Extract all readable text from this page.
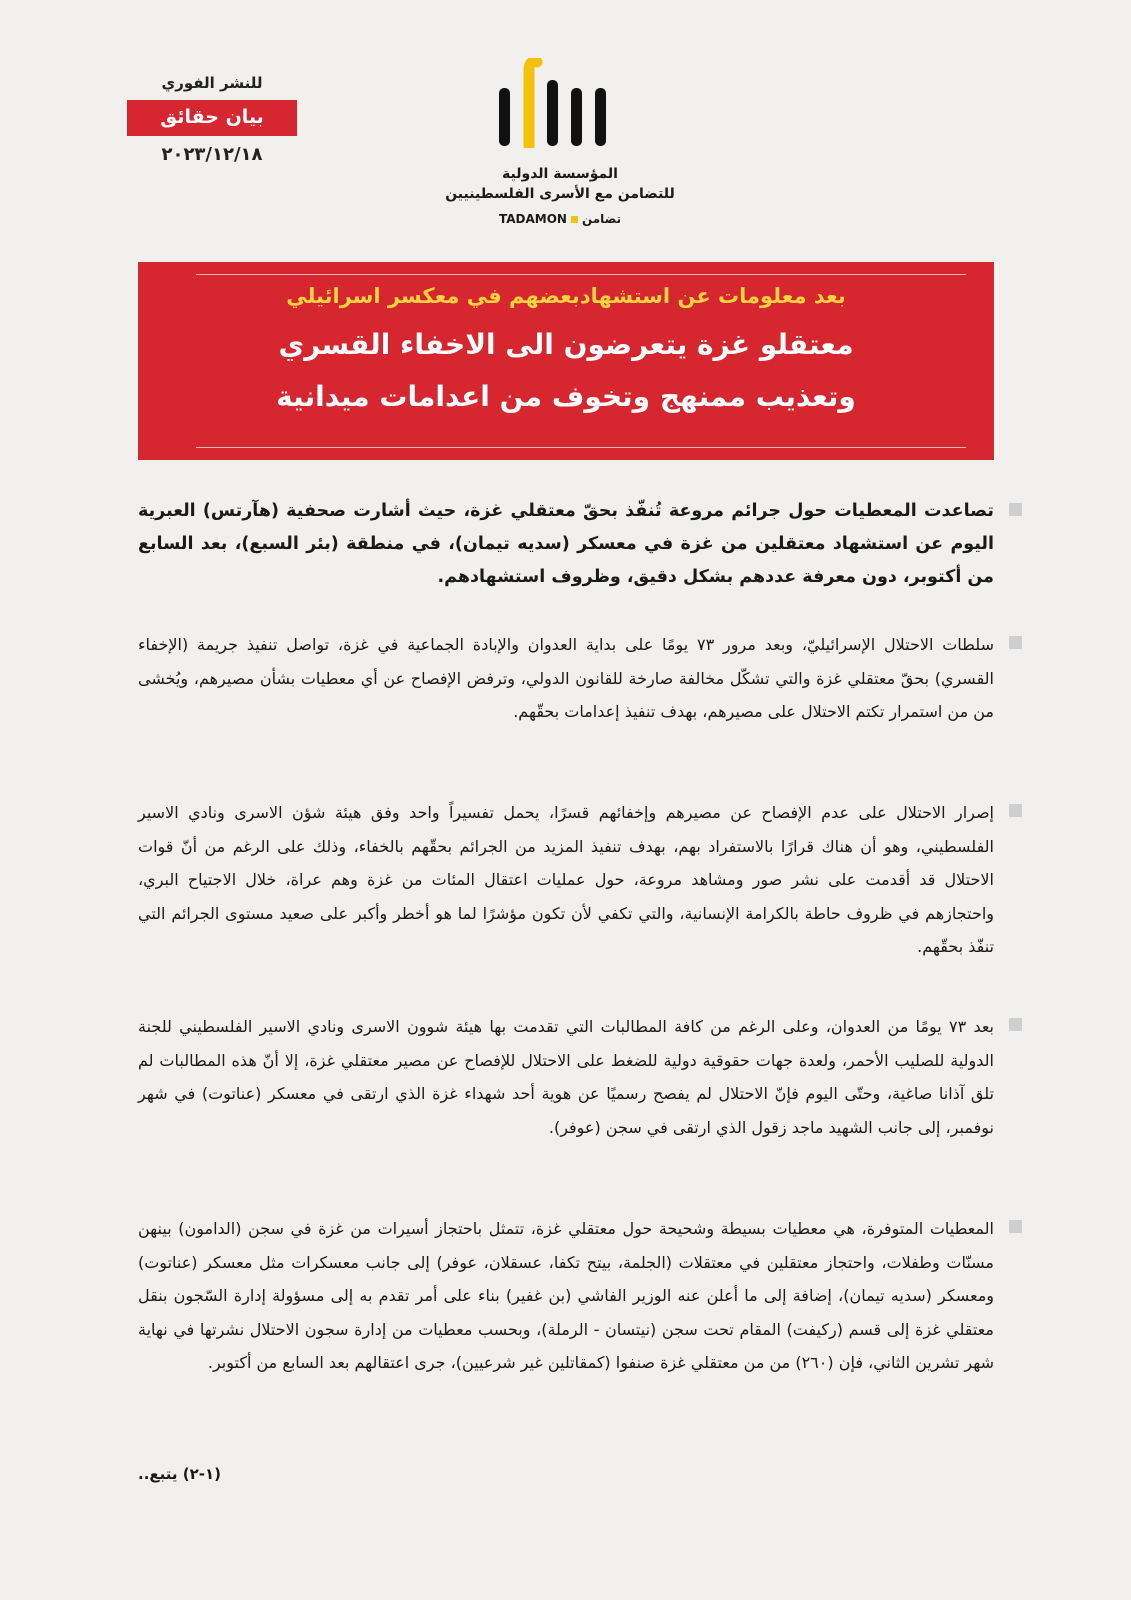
للنشر الفوري
بيان حقائق
٢٠٢٣/١٢/١٨
المؤسسة الدولية
للتضامن مع الأسرى الفلسطينيين
TADAMON تضامن
بعد معلومات عن استشهادبعضهم في معكسر اسرائيلي
معتقلو غزة يتعرضون الى الاخفاء القسري
وتعذيب ممنهج وتخوف من اعدامات ميدانية

تصاعدت المعطيات حول جرائم مروعة تُنفّذ بحقّ معتقلي غزة، حيث أشارت صحفية (هآرتس) العبرية اليوم عن استشهاد معتقلين من غزة في معسكر (سديه تيمان)، في منطقة (بئر السبع)، بعد السابع من أكتوبر، دون معرفة عددهم بشكل دقيق، وظروف استشهادهم.

سلطات الاحتلال الإسرائيليّ، وبعد مرور ٧٣ يومًا على بداية العدوان والإبادة الجماعية في غزة، تواصل تنفيذ جريمة (الإخفاء القسري) بحقّ معتقلي غزة والتي تشكّل مخالفة صارخة للقانون الدولي، وترفض الإفصاح عن أي معطيات بشأن مصيرهم، ويُخشى من من استمرار تكتم الاحتلال على مصيرهم، بهدف تنفيذ إعدامات بحقّهم.

إصرار الاحتلال على عدم الإفصاح عن مصيرهم وإخفائهم قسرًا، يحمل تفسيراً واحد وفق هيئة شؤن الاسرى ونادي الاسير الفلسطيني، وهو أن هناك قرارًا بالاستفراد بهم، بهدف تنفيذ المزيد من الجرائم بحقّهم بالخفاء، وذلك على الرغم من أنّ قوات الاحتلال قد أقدمت على نشر صور ومشاهد مروعة، حول عمليات اعتقال المئات من غزة وهم عراة، خلال الاجتياح البري، واحتجازهم في ظروف حاطة بالكرامة الإنسانية، والتي تكفي لأن تكون مؤشرًا لما هو أخطر وأكبر على صعيد مستوى الجرائم التي تنفّذ بحقّهم.

بعد ٧٣ يومًا من العدوان، وعلى الرغم من كافة المطالبات التي تقدمت بها هيئة شوون الاسرى ونادي الاسير الفلسطيني للجنة الدولية للصليب الأحمر، ولعدة جهات حقوقية دولية للضغط على الاحتلال للإفصاح عن مصير معتقلي غزة، إلا أنّ هذه المطالبات لم تلق آذانا صاغية، وحتّى اليوم فإنّ الاحتلال لم يفصح رسميًا عن هوية أحد شهداء غزة الذي ارتقى في معسكر (عناتوت) في شهر نوفمبر، إلى جانب الشهيد ماجد زقول الذي ارتقى في سجن (عوفر).

المعطيات المتوفرة، هي معطيات بسيطة وشحيحة حول معتقلي غزة، تتمثل باحتجاز أسيرات من غزة في سجن (الدامون) بينهن مسنّات وطفلات، واحتجاز معتقلين في معتقلات (الجلمة، بيتح تكفا، عسقلان، عوفر) إلى جانب معسكرات مثل معسكر (عناتوت) ومعسكر (سديه تيمان)، إضافة إلى ما أعلن عنه الوزير الفاشي (بن غفير) بناء على أمر تقدم به إلى مسؤولة إدارة السّجون بنقل معتقلي غزة إلى قسم (ركيفت) المقام تحت سجن (نيتسان - الرملة)، وبحسب معطيات من إدارة سجون الاحتلال نشرتها في نهاية شهر تشرين الثاني، فإن (٢٦٠) من من معتقلي غزة صنفوا (كمقاتلين غير شرعيين)، جرى اعتقالهم بعد السابع من أكتوبر.

(١-٢) يتبع..
